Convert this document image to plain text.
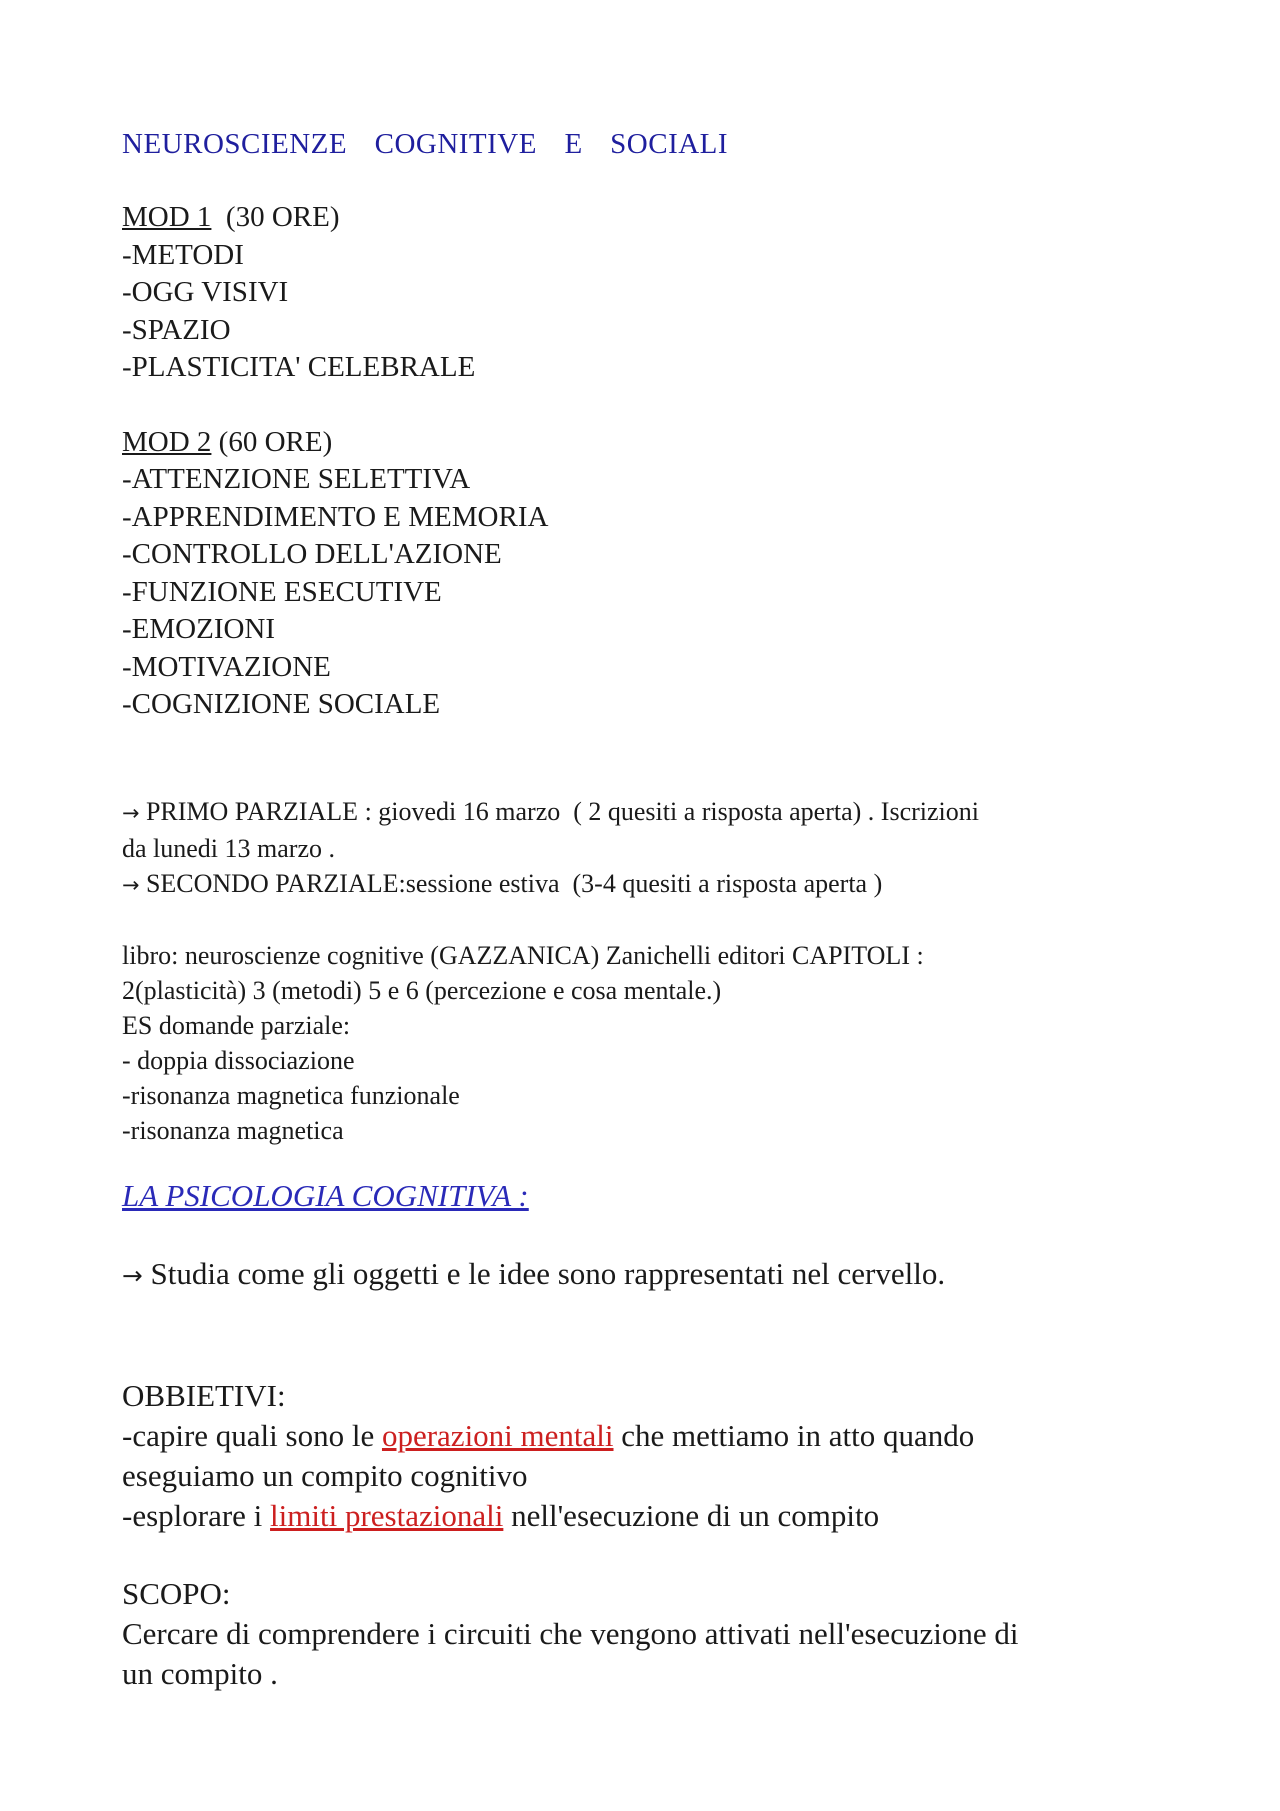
NEUROSCIENZE  COGNITIVE  E  SOCIALI

MOD 1  (30 ORE)
-METODI
-OGG VISIVI
-SPAZIO
-PLASTICITA' CELEBRALE
MOD 2 (60 ORE)
-ATTENZIONE SELETTIVA
-APPRENDIMENTO E MEMORIA
-CONTROLLO DELL'AZIONE
-FUNZIONE ESECUTIVE
-EMOZIONI
-MOTIVAZIONE
-COGNIZIONE SOCIALE
→ PRIMO PARZIALE : giovedi 16 marzo  ( 2 quesiti a risposta aperta) . Iscrizioni
da lunedi 13 marzo .
→ SECONDO PARZIALE:sessione estiva  (3-4 quesiti a risposta aperta )
libro: neuroscienze cognitive (GAZZANICA) Zanichelli editori CAPITOLI :
2(plasticità) 3 (metodi) 5 e 6 (percezione e cosa mentale.)
ES domande parziale:
- doppia dissociazione
-risonanza magnetica funzionale
-risonanza magnetica

LA PSICOLOGIA COGNITIVA :

→ Studia come gli oggetti e le idee sono rappresentati nel cervello.

OBBIETIVI:
-capire quali sono le operazioni mentali che mettiamo in atto quando
eseguiamo un compito cognitivo
-esplorare i limiti prestazionali nell'esecuzione di un compito
SCOPO:
Cercare di comprendere i circuiti che vengono attivati nell'esecuzione di
un compito .
